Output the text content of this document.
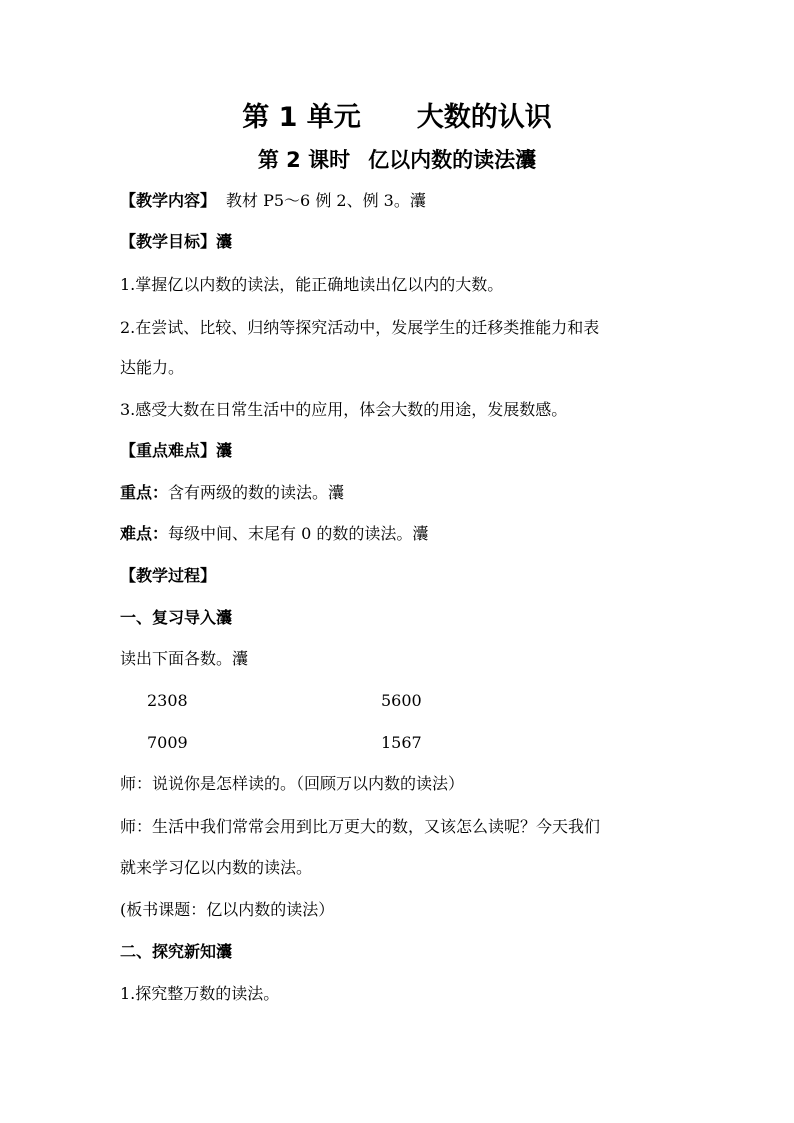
第 1 单元 大数的认识
第 2 课时 亿以内数的读法灢
【教学内容】 教材 P5～6 例 2、例 3。灢
【教学目标】灢
1.掌握亿以内数的读法，能正确地读出亿以内的大数。
2.在尝试、比较、归纳等探究活动中，发展学生的迁移类推能力和表
达能力。
3.感受大数在日常生活中的应用，体会大数的用途，发展数感。
【重点难点】灢
重点：含有两级的数的读法。灢
难点：每级中间、末尾有 0 的数的读法。灢
【教学过程】
一、复习导入灢
读出下面各数。灢
2308	5600
7009	1567
师：说说你是怎样读的。（回顾万以内数的读法）
师：生活中我们常常会用到比万更大的数，又该怎么读呢？今天我们
就来学习亿以内数的读法。
(板书课题：亿以内数的读法）
二、探究新知灢
1.探究整万数的读法。
